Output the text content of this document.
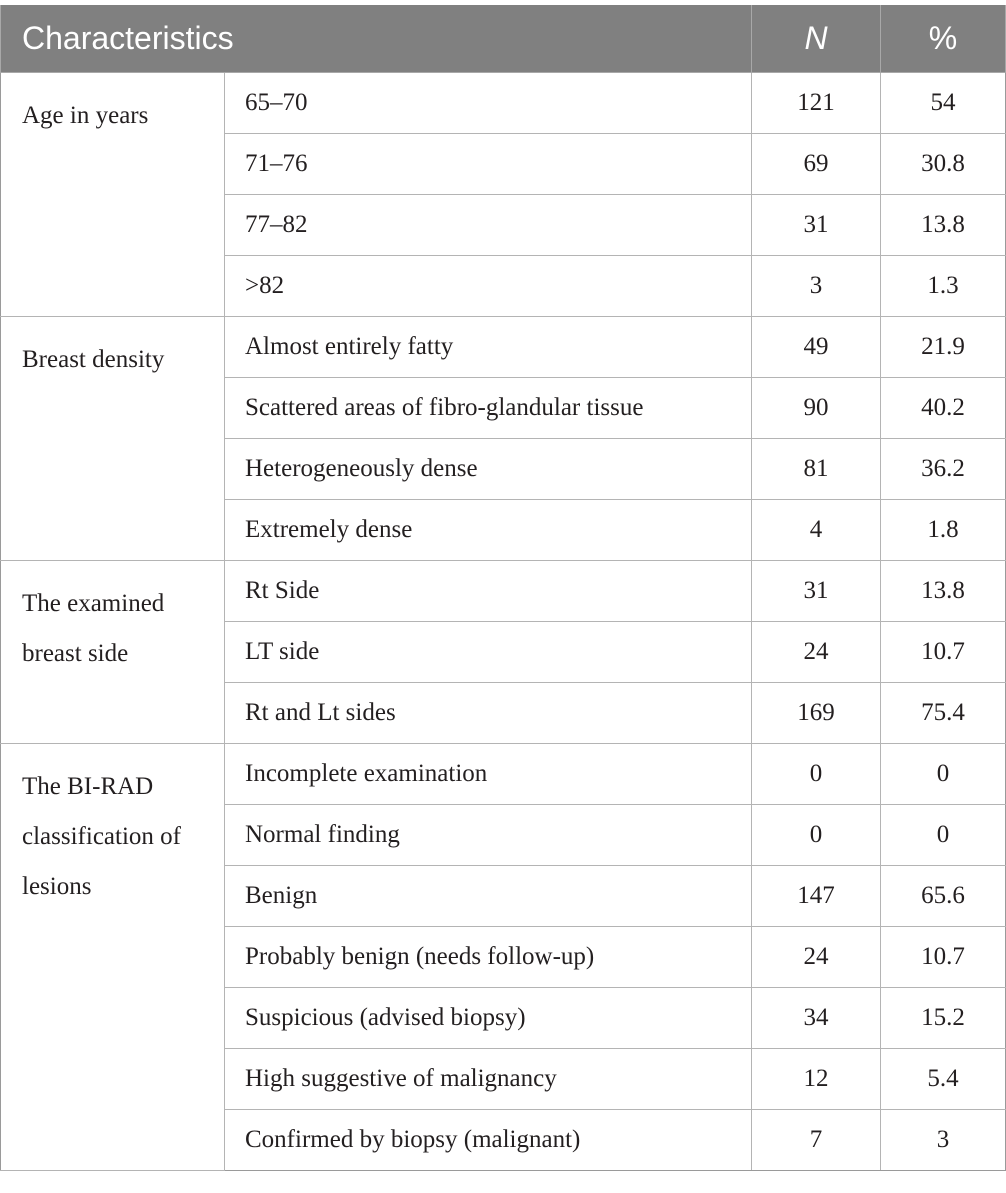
Characteristics		N	%
Age in years	65–70	121	54
	71–76	69	30.8
	77–82	31	13.8
	>82	3	1.3
Breast density	Almost entirely fatty	49	21.9
	Scattered areas of fibro-glandular tissue	90	40.2
	Heterogeneously dense	81	36.2
	Extremely dense	4	1.8
The examined breast side	Rt Side	31	13.8
	LT side	24	10.7
	Rt and Lt sides	169	75.4
The BI-RAD classification of lesions	Incomplete examination	0	0
	Normal finding	0	0
	Benign	147	65.6
	Probably benign (needs follow-up)	24	10.7
	Suspicious (advised biopsy)	34	15.2
	High suggestive of malignancy	12	5.4
	Confirmed by biopsy (malignant)	7	3
